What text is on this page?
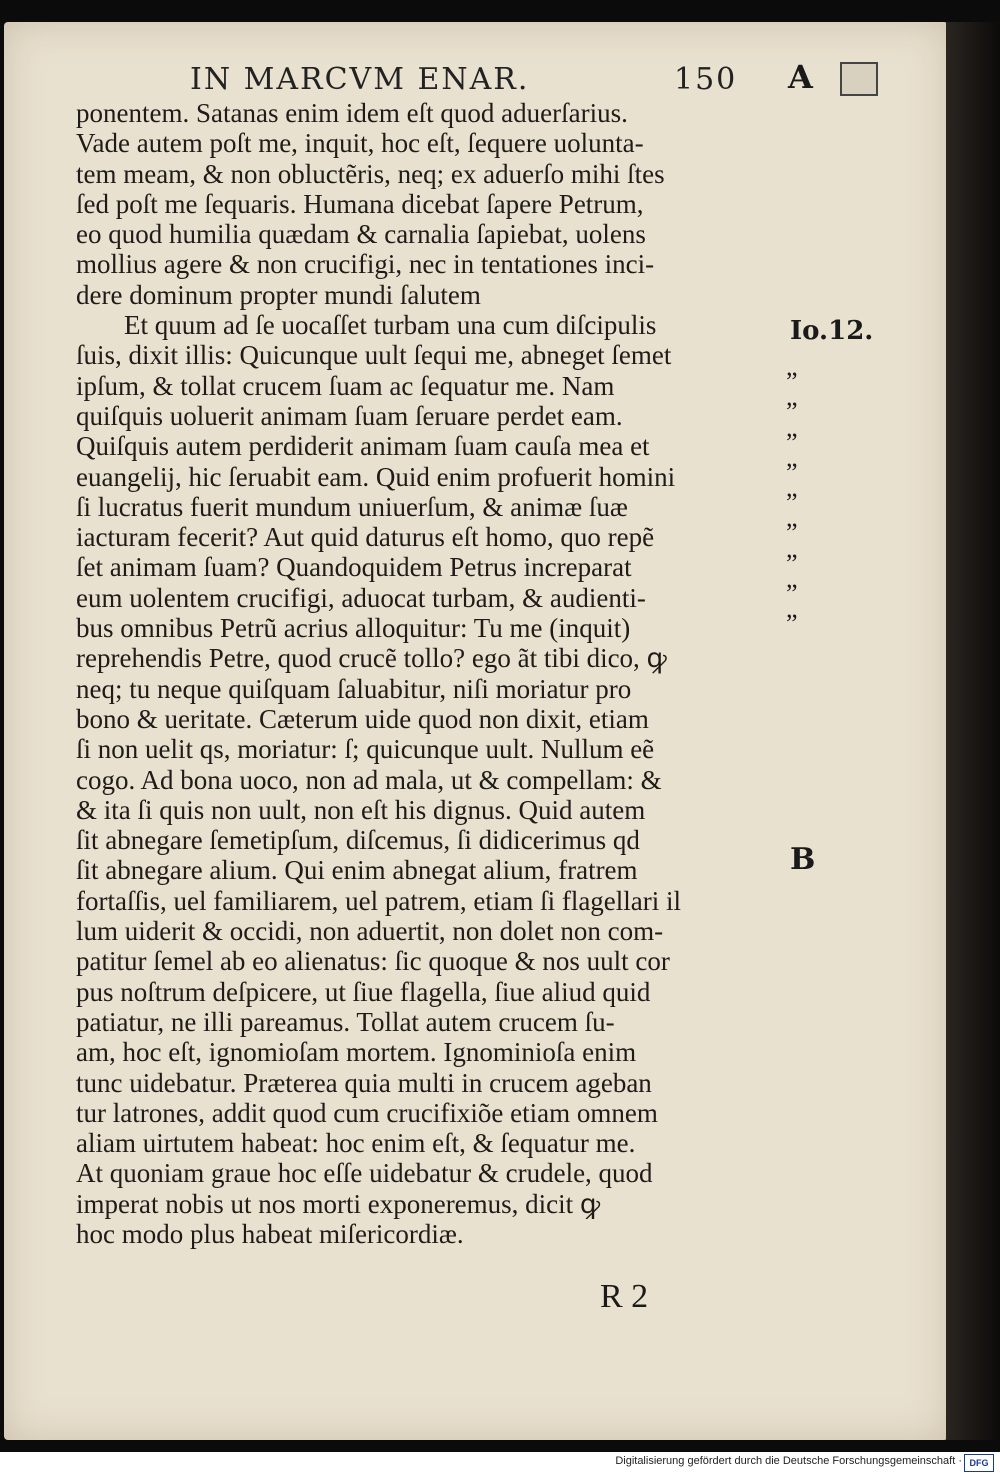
IN MARCVM ENAR.	150 A
Io.12.
B
„
„
„
„
„
„
„
„
„
ponentem. Satanas enim idem eſt quod aduerſarius.
Vade autem poſt me, inquit, hoc eſt, ſequere uolunta-
tem meam, & non obluctẽris, neq; ex aduerſo mihi ſtes
ſed poſt me ſequaris. Humana dicebat ſapere Petrum,
eo quod humilia quædam & carnalia ſapiebat, uolens
mollius agere & non crucifigi, nec in tentationes inci-
dere dominum propter mundi ſalutem
Et quum ad ſe uocaſſet turbam una cum diſcipulis
ſuis, dixit illis: Quicunque uult ſequi me, abneget ſemet
ipſum, & tollat crucem ſuam ac ſequatur me. Nam
quiſquis uoluerit animam ſuam ſeruare perdet eam.
Quiſquis autem perdiderit animam ſuam cauſa mea et
euangelij, hic ſeruabit eam. Quid enim profuerit homini
ſi lucratus fuerit mundum uniuerſum, & animæ ſuæ
iacturam fecerit? Aut quid daturus eſt homo, quo repẽ
ſet animam ſuam? Quandoquidem Petrus increparat
eum uolentem crucifigi, aduocat turbam, & audienti-
bus omnibus Petrũ acrius alloquitur: Tu me (inquit)
reprehendis Petre, quod crucẽ tollo? ego ãt tibi dico, ꝙ
neq; tu neque quiſquam ſaluabitur, niſi moriatur pro
bono & ueritate. Cæterum uide quod non dixit, etiam
ſi non uelit qs, moriatur: ſ; quicunque uult. Nullum eẽ
cogo. Ad bona uoco, non ad mala, ut & compellam: &
& ita ſi quis non uult, non eſt his dignus. Quid autem
ſit abnegare ſemetipſum, diſcemus, ſi didicerimus qd
ſit abnegare alium. Qui enim abnegat alium, fratrem
fortaſſis, uel familiarem, uel patrem, etiam ſi flagellari il
lum uiderit & occidi, non aduertit, non dolet non com-
patitur ſemel ab eo alienatus: ſic quoque & nos uult cor
pus noſtrum deſpicere, ut ſiue flagella, ſiue aliud quid
patiatur, ne illi pareamus. Tollat autem crucem ſu-
am, hoc eſt, ignomioſam mortem. Ignominioſa enim
tunc uidebatur. Præterea quia multi in crucem ageban
tur latrones, addit quod cum crucifixiõe etiam omnem
aliam uirtutem habeat: hoc enim eſt, & ſequatur me.
At quoniam graue hoc eſſe uidebatur & crudele, quod
imperat nobis ut nos morti exponeremus, dicit ꝙ
hoc modo plus habeat miſericordiæ.
R 2
Digitalisierung gefördert durch die Deutsche Forschungsgemeinschaft · DFG
